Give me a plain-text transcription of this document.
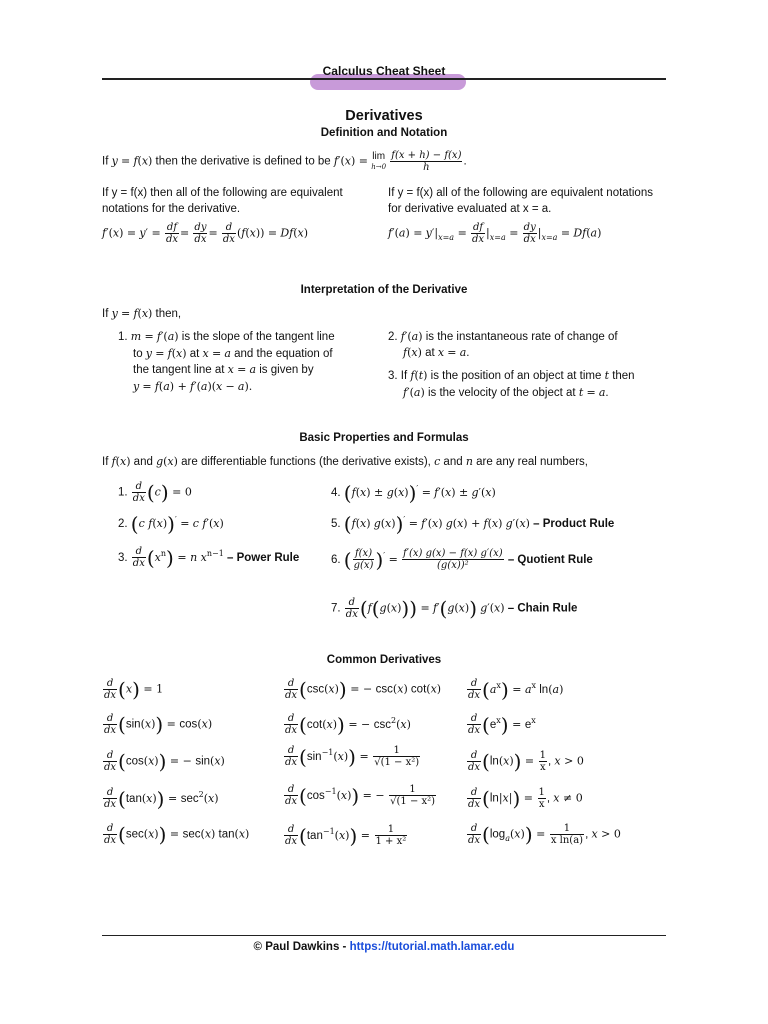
Calculus Cheat Sheet
Derivatives
Definition and Notation
If y = f(x) then the derivative is defined to be f′(x) = lim
h→0
$\frac{f(x + h) - f(x)}{h}$ .
If y = f(x) then all of the following are equivalent notations for the derivative.
$f'(x) = y' = \frac{df}{dx} = \frac{dy}{dx} = \frac{d}{dx} (f(x)) = Df(x)$
If y = f(x) all of the following are equivalent notations for derivative evaluated at x = a.
$f'(a) = y'|_{x=a} = \frac{df}{dx} |_{x=a} = \frac{dy}{dx} |_{x=a} = Df(a)$
Interpretation of the Derivative
If y = f(x) then,
1. m = f′(a) is the slope of the tangent line
to y = f(x) at x = a and the equation of
the tangent line at x = a is given by
y = f(a) + f′(a)(x − a).
2. f′(a) is the instantaneous rate of change of
f(x) at x = a.
3. If f(t) is the position of an object at time t then
f′(a) is the velocity of the object at t = a.
Basic Properties and Formulas
If f(x) and g(x) are differentiable functions (the derivative exists), c and n are any real numbers,
1. $\frac{d}{dx} (c) = 0$
2. (c f(x))′ = c f′(x)
3. $\frac{d}{dx} (x^n) = n$ $x^{n-1}$ – Power Rule
4. (f(x) ± g(x))′ = f′(x) ± g′(x)
5. (f(x) g(x))′ = f′(x) g(x) + f(x) g′(x) – Product Rule
6. ( $\frac{f(x)}{g(x)} )' = \frac{f'(x) g(x) - f(x) g'(x)}{\text{(g(x))²}}$ – Quotient Rule
7. $\frac{d}{dx} (f(g(x))) = f'(g(x))$ g′(x) – Chain Rule
Common Derivatives
$\frac{d}{dx} (x) = 1$
$\frac{d}{dx} (\sin(x)) = \cos(x)$
$\frac{d}{dx} (\cos(x))$ = − sin(x)
$\frac{d}{dx} (\tan(x)) = \sec^2(x)$
$\frac{d}{dx} (\sec(x)) = \sec(x)$ tan(x)
$\frac{d}{dx} (\csc(x))$ = − csc(x) cot(x)
$\frac{d}{dx} (\cot(x))$ = − $\csc^2(x)$
$\frac{d}{dx} (\sin^{-1}(x)) = \frac{1}{\text{√(1 − x²)}}$
$\frac{d}{dx} (\cos^{-1}(x))$ = − $\frac{1}{\text{√(1 − x²)}}$
$\frac{d}{dx} (\tan^{-1}(x)) = \frac{1}{\text{1 + x²}}$
$\frac{d}{dx} (a^x) = a^x$ ln(a)
$\frac{d}{dx} (e^x) = e^x$
$\frac{d}{dx} (\ln(x)) = \frac{1}{x}$ , x > 0
$\frac{d}{dx} (\ln|x|) = \frac{1}{x}$ , x ≠ 0
$\frac{d}{dx} (\log_a(x)) = \frac{1}{\text{x ln(a)}}$ , x > 0
© Paul Dawkins - https://tutorial.math.lamar.edu
